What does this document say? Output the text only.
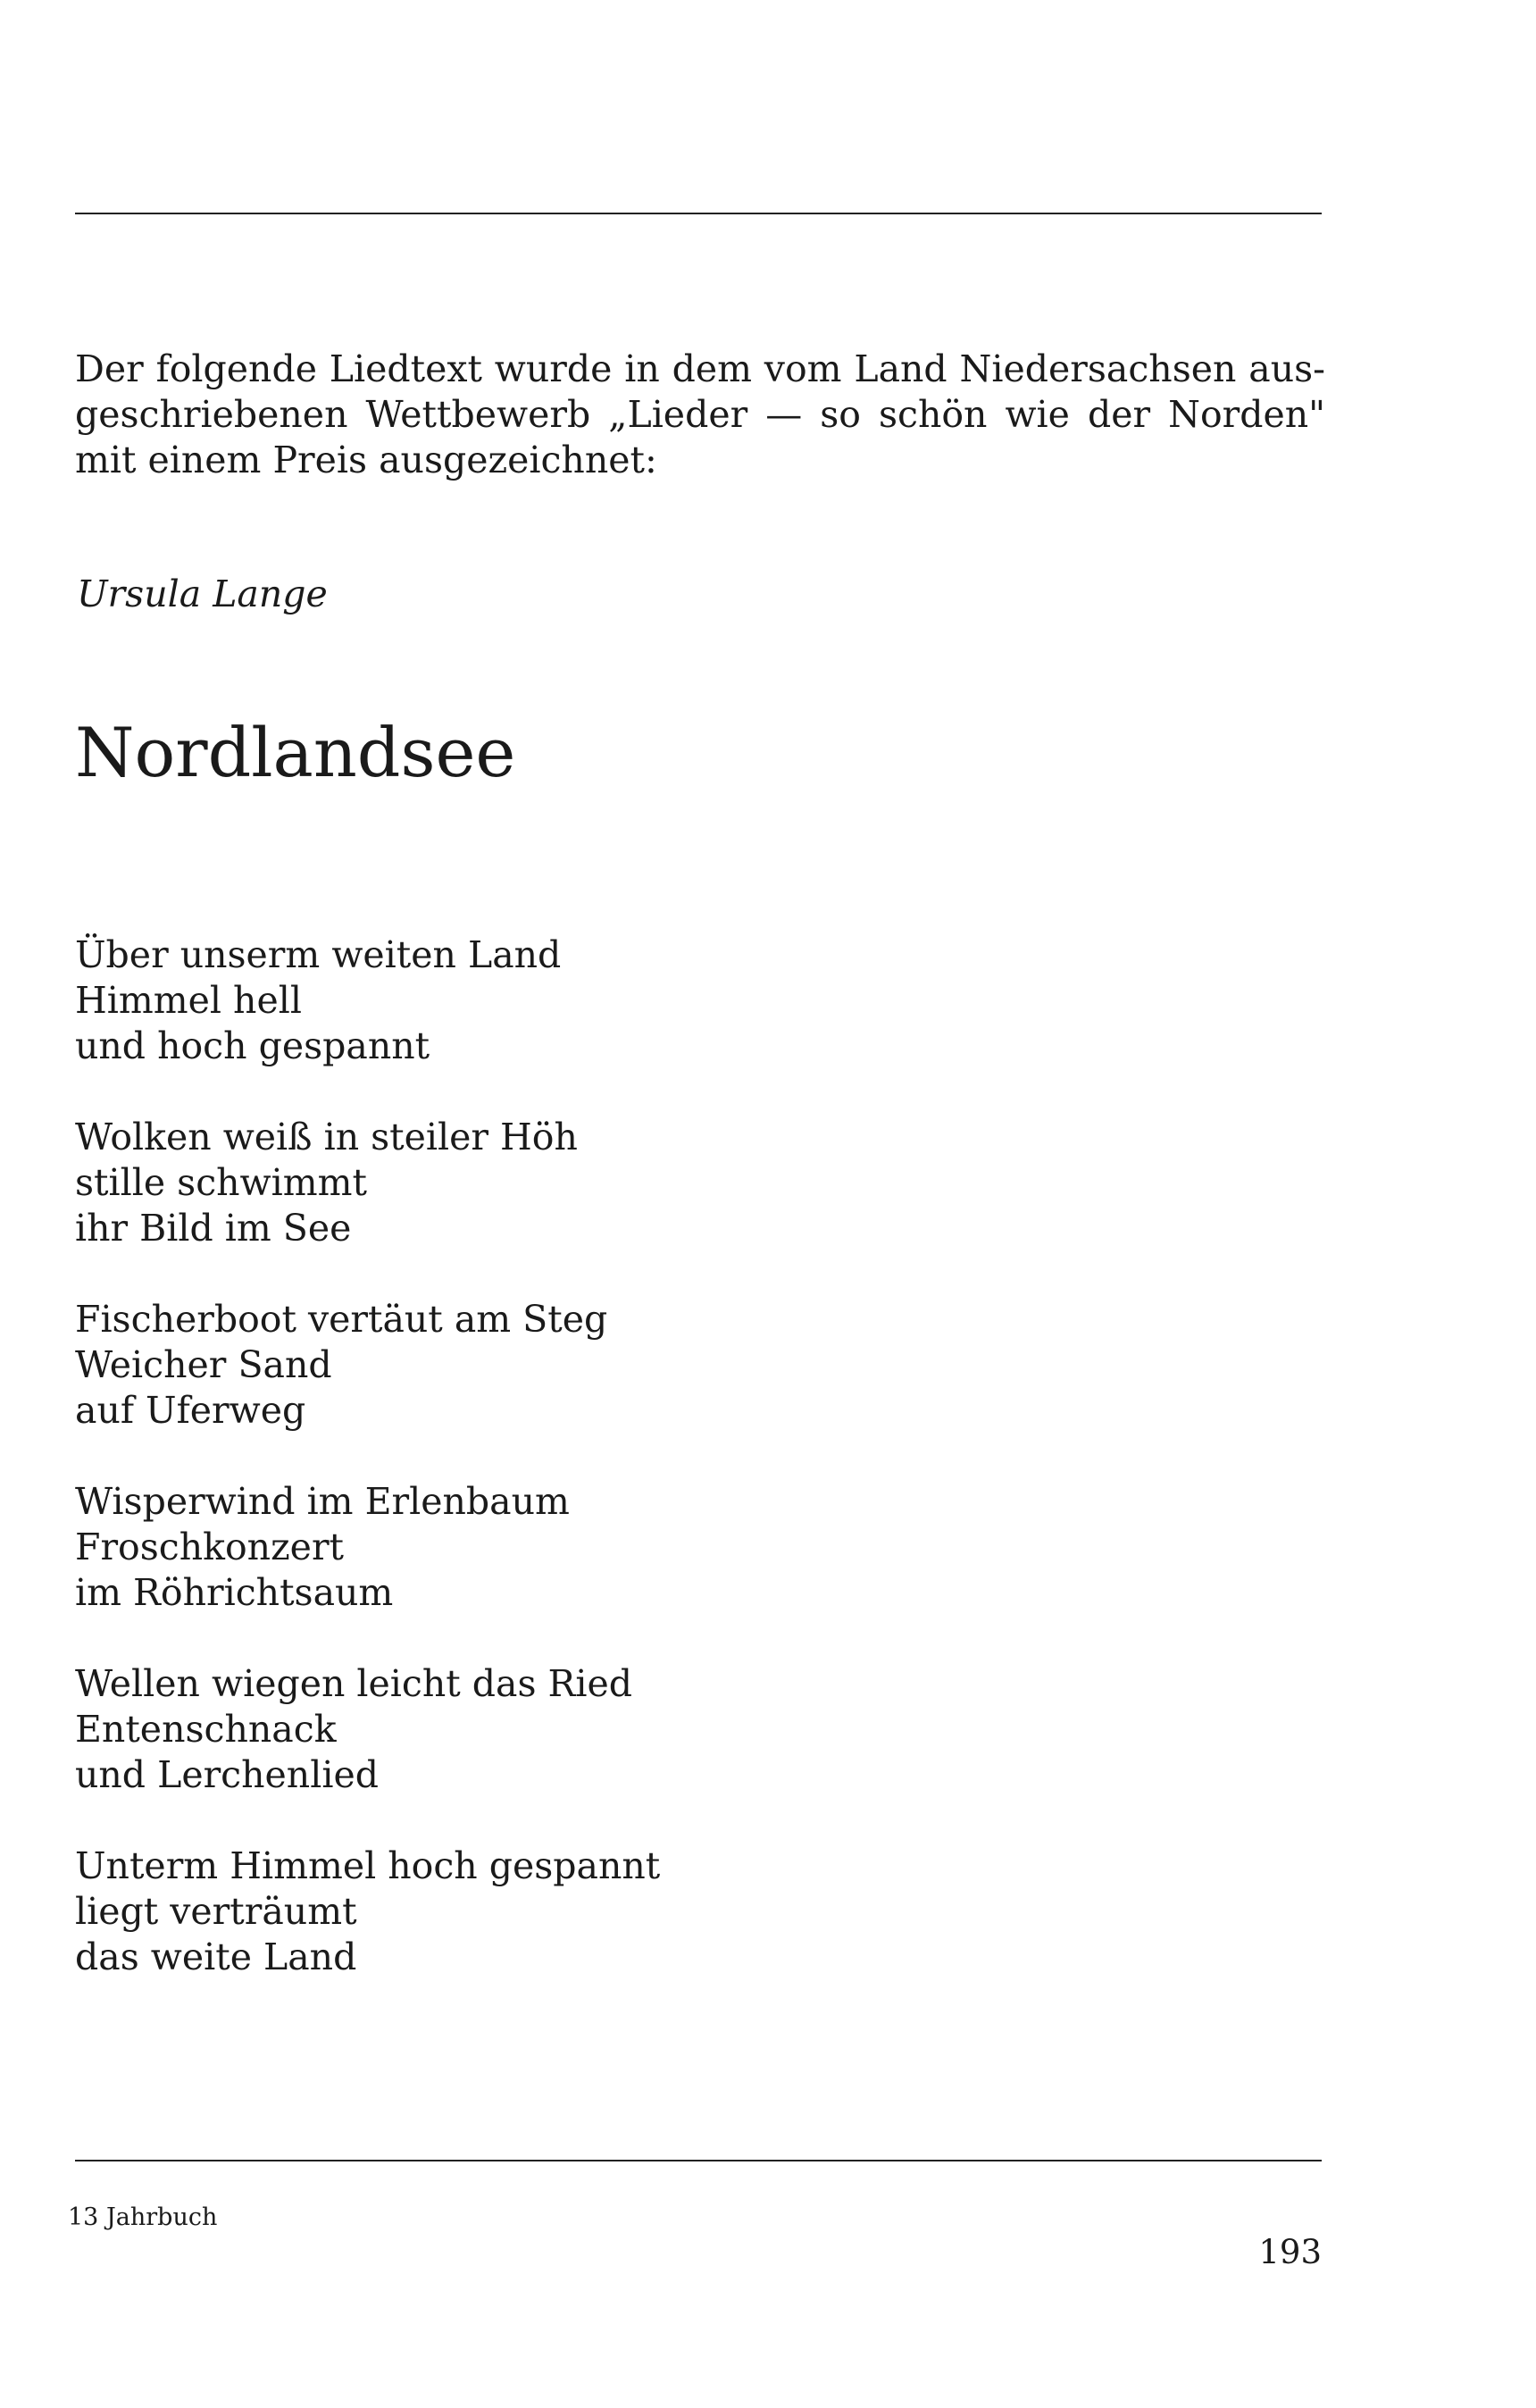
Der folgende Liedtext wurde in dem vom Land Niedersachsen aus-
geschriebenen Wettbewerb „Lieder — so schön wie der Norden"
mit einem Preis ausgezeichnet:

Ursula Lange

Nordlandsee

Über unserm weiten Land
Himmel hell
und hoch gespannt

Wolken weiß in steiler Höh
stille schwimmt
ihr Bild im See

Fischerboot vertäut am Steg
Weicher Sand
auf Uferweg

Wisperwind im Erlenbaum
Froschkonzert
im Röhrichtsaum

Wellen wiegen leicht das Ried
Entenschnack
und Lerchenlied

Unterm Himmel hoch gespannt
liegt verträumt
das weite Land

13 Jahrbuch

193
